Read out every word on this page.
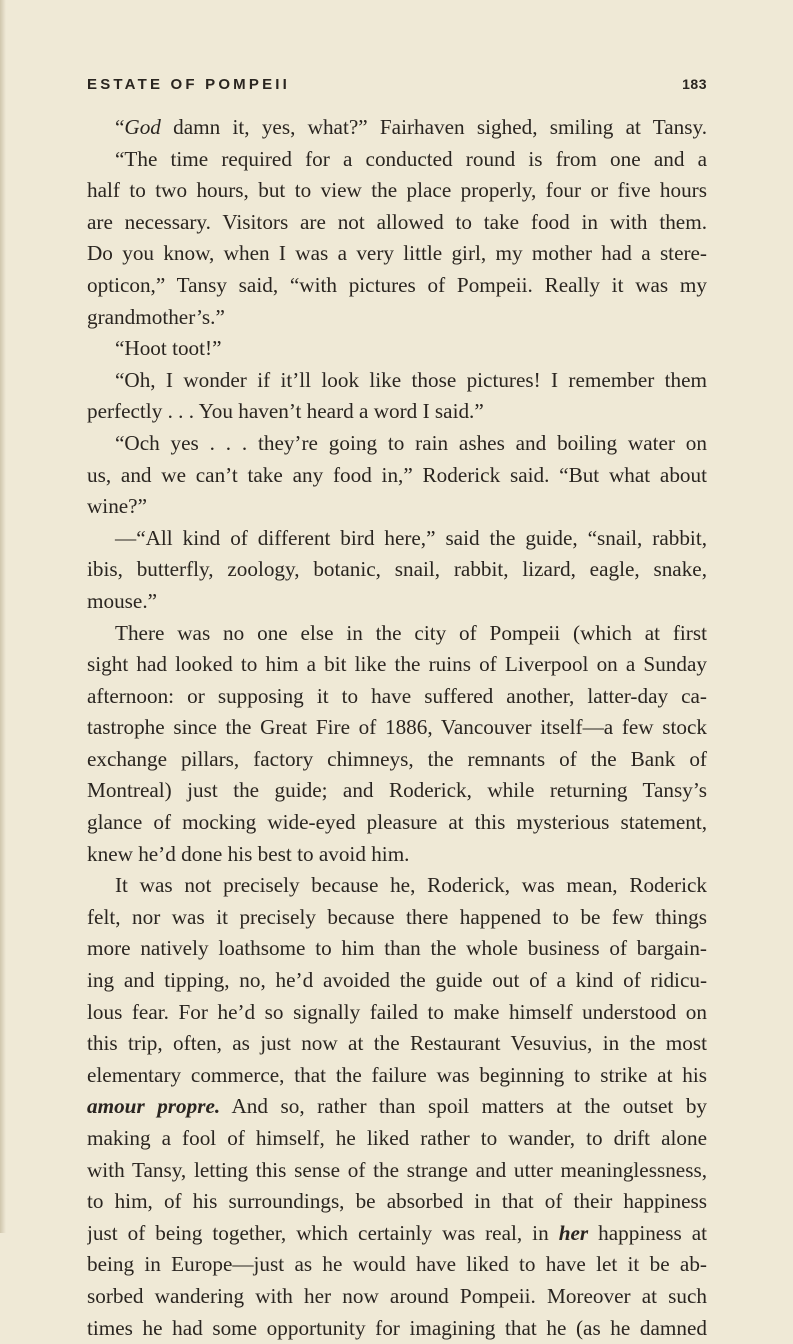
ESTATE OF POMPEII	183
“God damn it, yes, what?” Fairhaven sighed, smiling at Tansy.
“The time required for a conducted round is from one and a
half to two hours, but to view the place properly, four or five hours
are necessary. Visitors are not allowed to take food in with them.
Do you know, when I was a very little girl, my mother had a stere-
opticon,” Tansy said, “with pictures of Pompeii. Really it was my
grandmother’s.”
“Hoot toot!”
“Oh, I wonder if it’ll look like those pictures! I remember them
perfectly . . . You haven’t heard a word I said.”
“Och yes . . . they’re going to rain ashes and boiling water on
us, and we can’t take any food in,” Roderick said. “But what about
wine?”
—“All kind of different bird here,” said the guide, “snail, rabbit,
ibis, butterfly, zoology, botanic, snail, rabbit, lizard, eagle, snake,
mouse.”
There was no one else in the city of Pompeii (which at first
sight had looked to him a bit like the ruins of Liverpool on a Sunday
afternoon: or supposing it to have suffered another, latter-day ca-
tastrophe since the Great Fire of 1886, Vancouver itself—a few stock
exchange pillars, factory chimneys, the remnants of the Bank of
Montreal) just the guide; and Roderick, while returning Tansy’s
glance of mocking wide-eyed pleasure at this mysterious statement,
knew he’d done his best to avoid him.
It was not precisely because he, Roderick, was mean, Roderick
felt, nor was it precisely because there happened to be few things
more natively loathsome to him than the whole business of bargain-
ing and tipping, no, he’d avoided the guide out of a kind of ridicu-
lous fear. For he’d so signally failed to make himself understood on
this trip, often, as just now at the Restaurant Vesuvius, in the most
elementary commerce, that the failure was beginning to strike at his
amour propre. And so, rather than spoil matters at the outset by
making a fool of himself, he liked rather to wander, to drift alone
with Tansy, letting this sense of the strange and utter meaninglessness,
to him, of his surroundings, be absorbed in that of their happiness
just of being together, which certainly was real, in her happiness at
being in Europe—just as he would have liked to have let it be ab-
sorbed wandering with her now around Pompeii. Moreover at such
times he had some opportunity for imagining that he (as he damned
